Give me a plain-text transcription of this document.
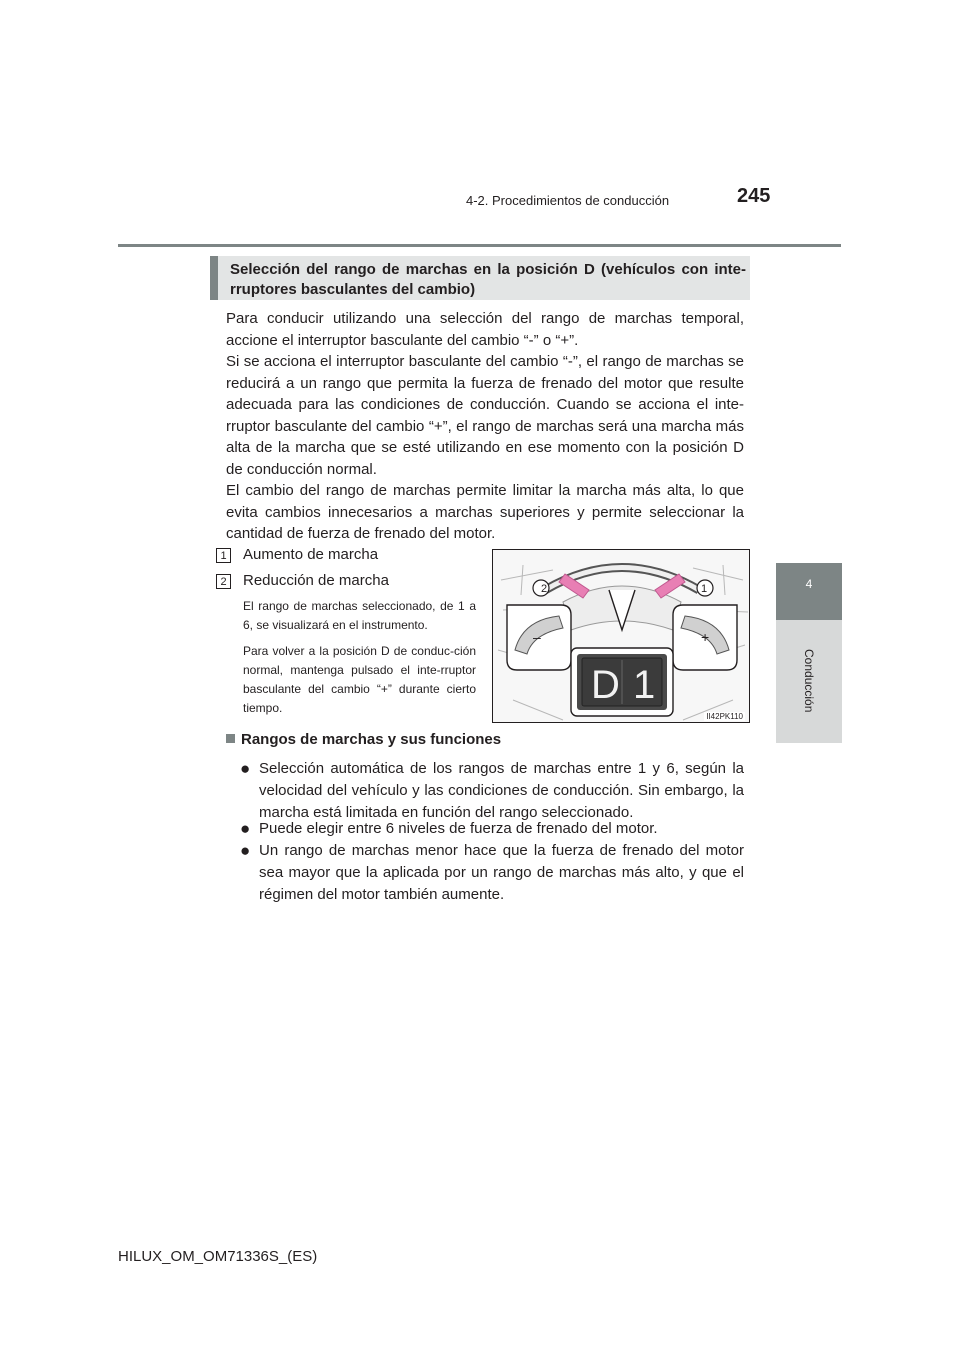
4-2. Procedimientos de conducción	245
4
Conducción
Selección del rango de marchas en la posición D (vehículos con inte-rruptores basculantes del cambio)
Para conducir utilizando una selección del rango de marchas temporal, accione el interruptor basculante del cambio “-” o “+”.
Si se acciona el interruptor basculante del cambio “-”, el rango de marchas se reducirá a un rango que permita la fuerza de frenado del motor que resulte adecuada para las condiciones de conducción. Cuando se acciona el inte-rruptor basculante del cambio “+”, el rango de marchas será una marcha más alta de la marcha que se esté utilizando en ese momento con la posición D de conducción normal.
El cambio del rango de marchas permite limitar la marcha más alta, lo que evita cambios innecesarios a marchas superiores y permite seleccionar la cantidad de fuerza de frenado del motor.
1 Aumento de marcha
2 Reducción de marcha
El rango de marchas seleccionado, de 1 a 6, se visualizará en el instrumento.
Para volver a la posición D de conduc-ción normal, mantenga pulsado el inte-rruptor basculante del cambio “+” durante cierto tiempo.
2	1
–	+
D 1
II42PK110
Rangos de marchas y sus funciones
● Selección automática de los rangos de marchas entre 1 y 6, según la velocidad del vehículo y las condiciones de conducción. Sin embargo, la marcha está limitada en función del rango seleccionado.
● Puede elegir entre 6 niveles de fuerza de frenado del motor.
● Un rango de marchas menor hace que la fuerza de frenado del motor sea mayor que la aplicada por un rango de marchas más alto, y que el régimen del motor también aumente.
HILUX_OM_OM71336S_(ES)
